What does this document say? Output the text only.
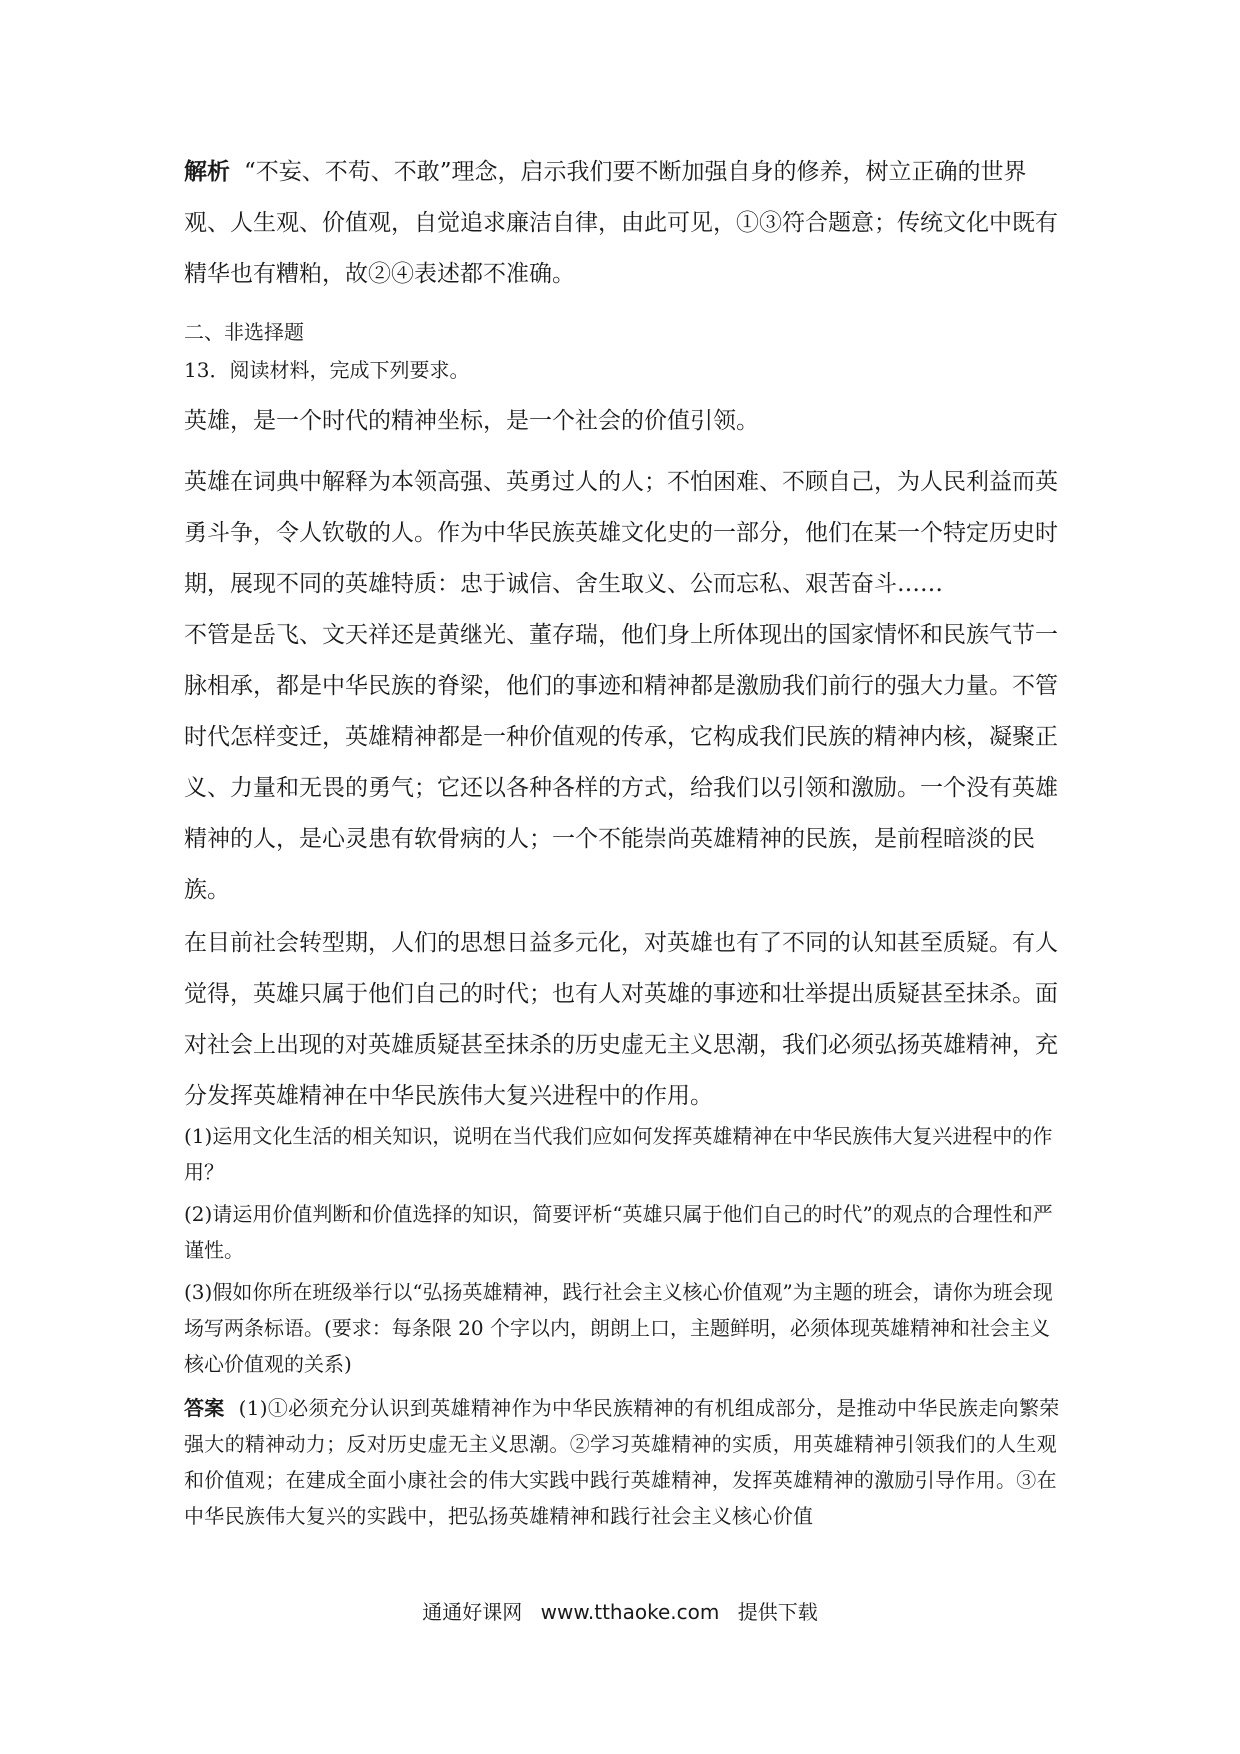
解析 “不妄、不苟、不敢”理念，启示我们要不断加强自身的修养，树立正确的世界观、人生观、价值观，自觉追求廉洁自律，由此可见，①③符合题意；传统文化中既有精华也有糟粕，故②④表述都不准确。

二、非选择题

13．阅读材料，完成下列要求。

英雄，是一个时代的精神坐标，是一个社会的价值引领。

英雄在词典中解释为本领高强、英勇过人的人；不怕困难、不顾自己，为人民利益而英勇斗争，令人钦敬的人。作为中华民族英雄文化史的一部分，他们在某一个特定历史时期，展现不同的英雄特质：忠于诚信、舍生取义、公而忘私、艰苦奋斗……

不管是岳飞、文天祥还是黄继光、董存瑞，他们身上所体现出的国家情怀和民族气节一脉相承，都是中华民族的脊梁，他们的事迹和精神都是激励我们前行的强大力量。不管时代怎样变迁，英雄精神都是一种价值观的传承，它构成我们民族的精神内核，凝聚正义、力量和无畏的勇气；它还以各种各样的方式，给我们以引领和激励。一个没有英雄精神的人，是心灵患有软骨病的人；一个不能崇尚英雄精神的民族，是前程暗淡的民族。

在目前社会转型期，人们的思想日益多元化，对英雄也有了不同的认知甚至质疑。有人觉得，英雄只属于他们自己的时代；也有人对英雄的事迹和壮举提出质疑甚至抹杀。面对社会上出现的对英雄质疑甚至抹杀的历史虚无主义思潮，我们必须弘扬英雄精神，充分发挥英雄精神在中华民族伟大复兴进程中的作用。

(1)运用文化生活的相关知识，说明在当代我们应如何发挥英雄精神在中华民族伟大复兴进程中的作用？

(2)请运用价值判断和价值选择的知识，简要评析“英雄只属于他们自己的时代”的观点的合理性和严谨性。

(3)假如你所在班级举行以“弘扬英雄精神，践行社会主义核心价值观”为主题的班会，请你为班会现场写两条标语。(要求：每条限 20 个字以内，朗朗上口，主题鲜明，必须体现英雄精神和社会主义核心价值观的关系)

答案 (1)①必须充分认识到英雄精神作为中华民族精神的有机组成部分，是推动中华民族走向繁荣强大的精神动力；反对历史虚无主义思潮。②学习英雄精神的实质，用英雄精神引领我们的人生观和价值观；在建成全面小康社会的伟大实践中践行英雄精神，发挥英雄精神的激励引导作用。③在中华民族伟大复兴的实践中，把弘扬英雄精神和践行社会主义核心价值

通通好课网 www.tthaoke.com 提供下载
